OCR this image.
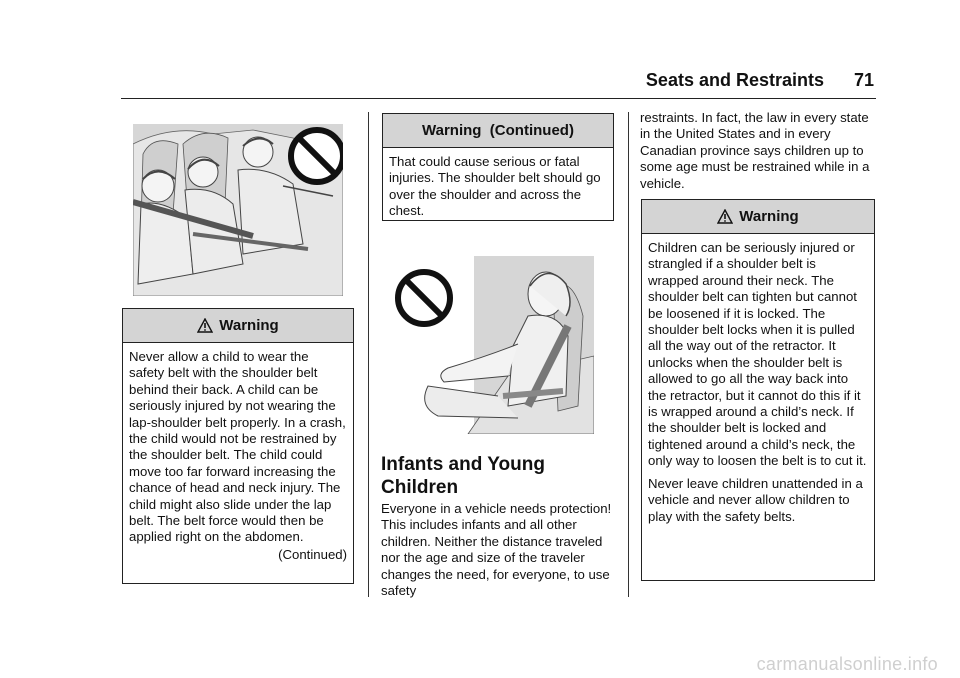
Seats and Restraints 71
Warning

Never allow a child to wear the safety belt with the shoulder belt behind their back. A child can be seriously injured by not wearing the lap-shoulder belt properly. In a crash, the child would not be restrained by the shoulder belt. The child could move too far forward increasing the chance of head and neck injury. The child might also slide under the lap belt. The belt force would then be applied right on the abdomen.

(Continued)
Warning  (Continued)

That could cause serious or fatal injuries. The shoulder belt should go over the shoulder and across the chest.

Infants and Young Children

Everyone in a vehicle needs protection! This includes infants and all other children. Neither the distance traveled nor the age and size of the traveler changes the need, for everyone, to use safety

restraints. In fact, the law in every state in the United States and in every Canadian province says children up to some age must be restrained while in a vehicle.

Warning

Children can be seriously injured or strangled if a shoulder belt is wrapped around their neck. The shoulder belt can tighten but cannot be loosened if it is locked. The shoulder belt locks when it is pulled all the way out of the retractor. It unlocks when the shoulder belt is allowed to go all the way back into the retractor, but it cannot do this if it is wrapped around a child’s neck. If the shoulder belt is locked and tightened around a child’s neck, the only way to loosen the belt is to cut it.

Never leave children unattended in a vehicle and never allow children to play with the safety belts.

carmanualsonline.info
